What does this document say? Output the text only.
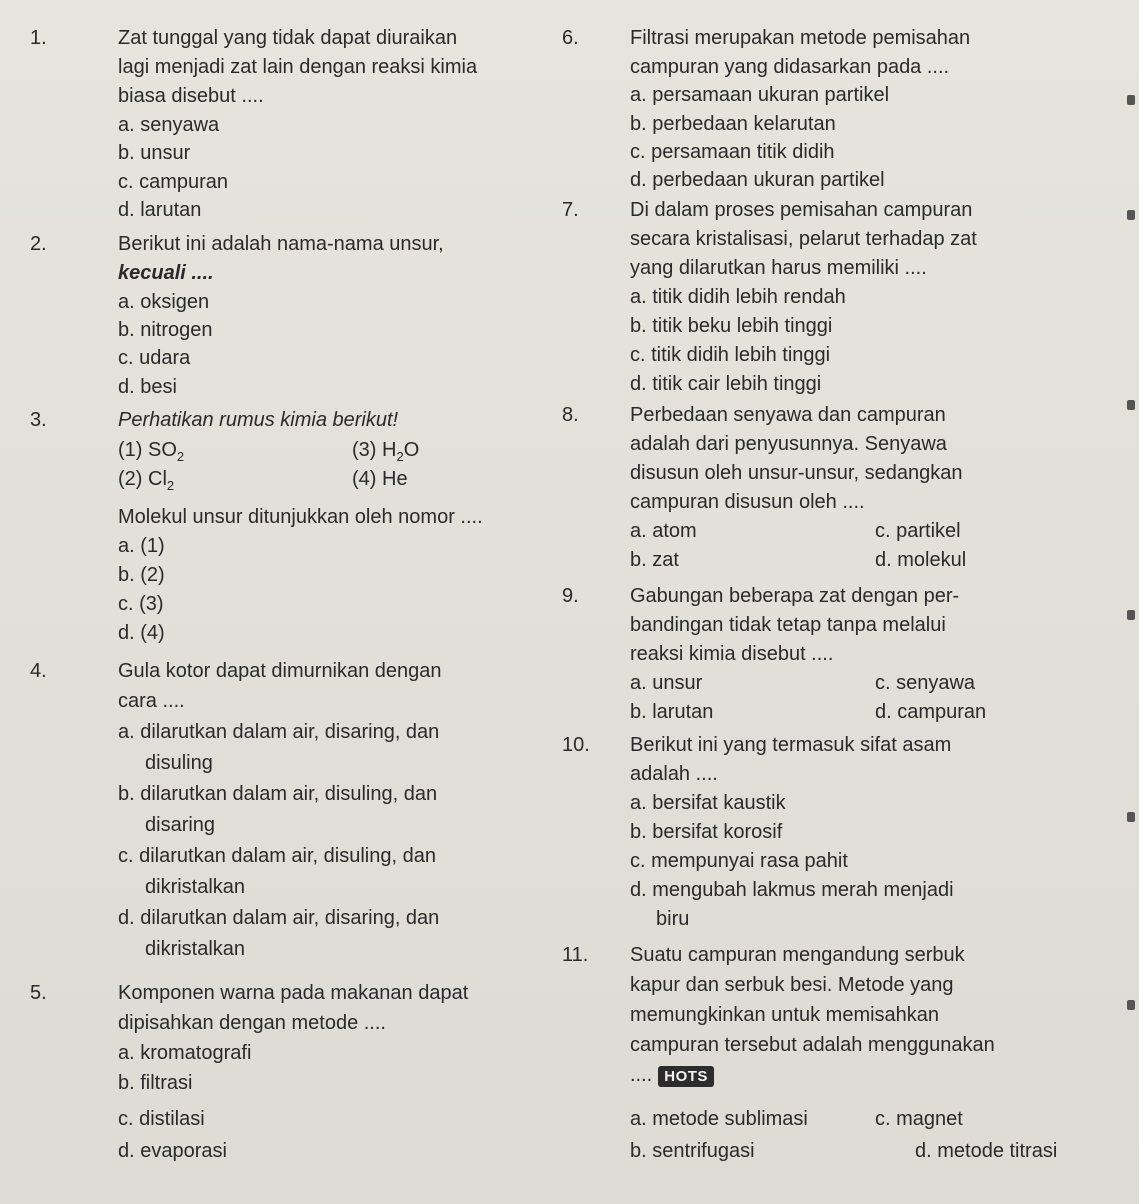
1.	Zat tunggal yang tidak dapat diuraikan
lagi menjadi zat lain dengan reaksi kimia
biasa disebut ....
a. senyawa
b. unsur
c. campuran
d. larutan
2.	Berikut ini adalah nama-nama unsur,
kecuali ....
a. oksigen
b. nitrogen
c. udara
d. besi
3.	Perhatikan rumus kimia berikut!
(1) $SO_2$	(3) $H_2O$
(2) $Cl_2$	(4) He
Molekul unsur ditunjukkan oleh nomor ....
a. (1)
b. (2)
c. (3)
d. (4)
4.	Gula kotor dapat dimurnikan dengan
cara ....
a. dilarutkan dalam air, disaring, dan
disuling
b. dilarutkan dalam air, disuling, dan
disaring
c. dilarutkan dalam air, disuling, dan
dikristalkan
d. dilarutkan dalam air, disaring, dan
dikristalkan
5.	Komponen warna pada makanan dapat
dipisahkan dengan metode ....
a. kromatografi
b. filtrasi
c. distilasi
d. evaporasi
6.	Filtrasi merupakan metode pemisahan
campuran yang didasarkan pada ....
a. persamaan ukuran partikel
b. perbedaan kelarutan
c. persamaan titik didih
d. perbedaan ukuran partikel
7.	Di dalam proses pemisahan campuran
secara kristalisasi, pelarut terhadap zat
yang dilarutkan harus memiliki ....
a. titik didih lebih rendah
b. titik beku lebih tinggi
c. titik didih lebih tinggi
d. titik cair lebih tinggi
8.	Perbedaan senyawa dan campuran
adalah dari penyusunnya. Senyawa
disusun oleh unsur-unsur, sedangkan
campuran disusun oleh ....
a. atom
b. zat
c. partikel
d. molekul
9.	Gabungan beberapa zat dengan per-
bandingan tidak tetap tanpa melalui
reaksi kimia disebut ....
a. unsur
b. larutan
c. senyawa
d. campuran
10. Berikut ini yang termasuk sifat asam
adalah ....
a. bersifat kaustik
b. bersifat korosif
c. mempunyai rasa pahit
d. mengubah lakmus merah menjadi
biru
11. Suatu campuran mengandung serbuk
kapur dan serbuk besi. Metode yang
memungkinkan untuk memisahkan
campuran tersebut adalah menggunakan
.... HOTS
a. metode sublimasi
b. sentrifugasi
c. magnet
d. metode titrasi
